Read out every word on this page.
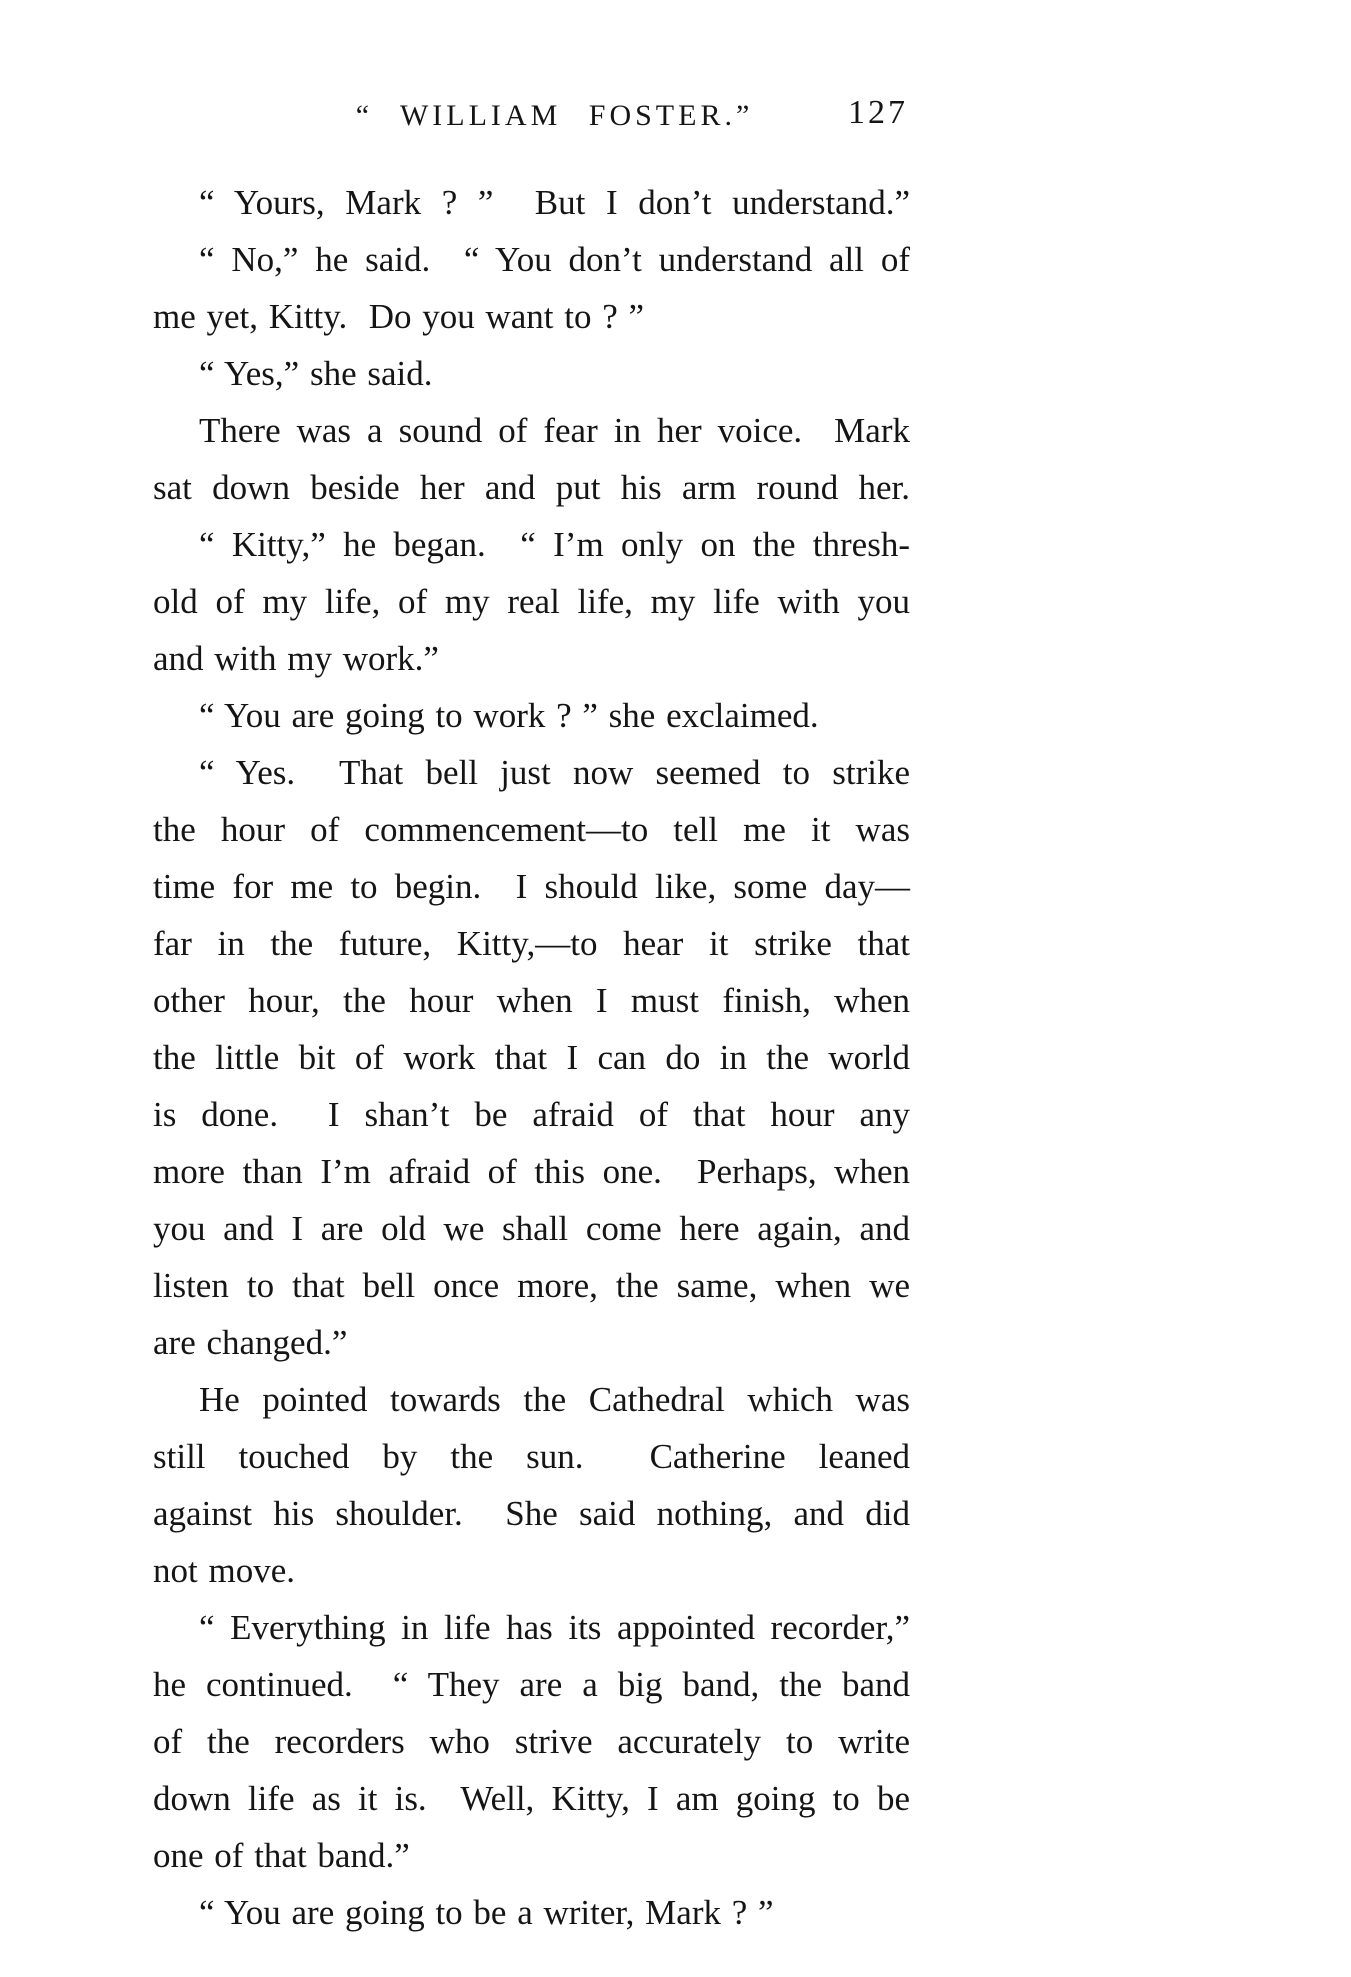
“ WILLIAM FOSTER.”	127
“ Yours, Mark ? ”  But I don’t understand.”
“ No,” he said.  “ You don’t understand all of
me yet, Kitty.  Do you want to ? ”
“ Yes,” she said.
There was a sound of fear in her voice.  Mark
sat down beside her and put his arm round her.
“ Kitty,” he began.  “ I’m only on the thresh-
old of my life, of my real life, my life with you
and with my work.”
“ You are going to work ? ” she exclaimed.
“ Yes.  That bell just now seemed to strike
the hour of commencement—to tell me it was
time for me to begin.  I should like, some day—
far in the future, Kitty,—to hear it strike that
other hour, the hour when I must finish, when
the little bit of work that I can do in the world
is done.  I shan’t be afraid of that hour any
more than I’m afraid of this one.  Perhaps, when
you and I are old we shall come here again, and
listen to that bell once more, the same, when we
are changed.”
He pointed towards the Cathedral which was
still touched by the sun.  Catherine leaned
against his shoulder.  She said nothing, and did
not move.
“ Everything in life has its appointed recorder,”
he continued.  “ They are a big band, the band
of the recorders who strive accurately to write
down life as it is.  Well, Kitty, I am going to be
one of that band.”
“ You are going to be a writer, Mark ? ”
